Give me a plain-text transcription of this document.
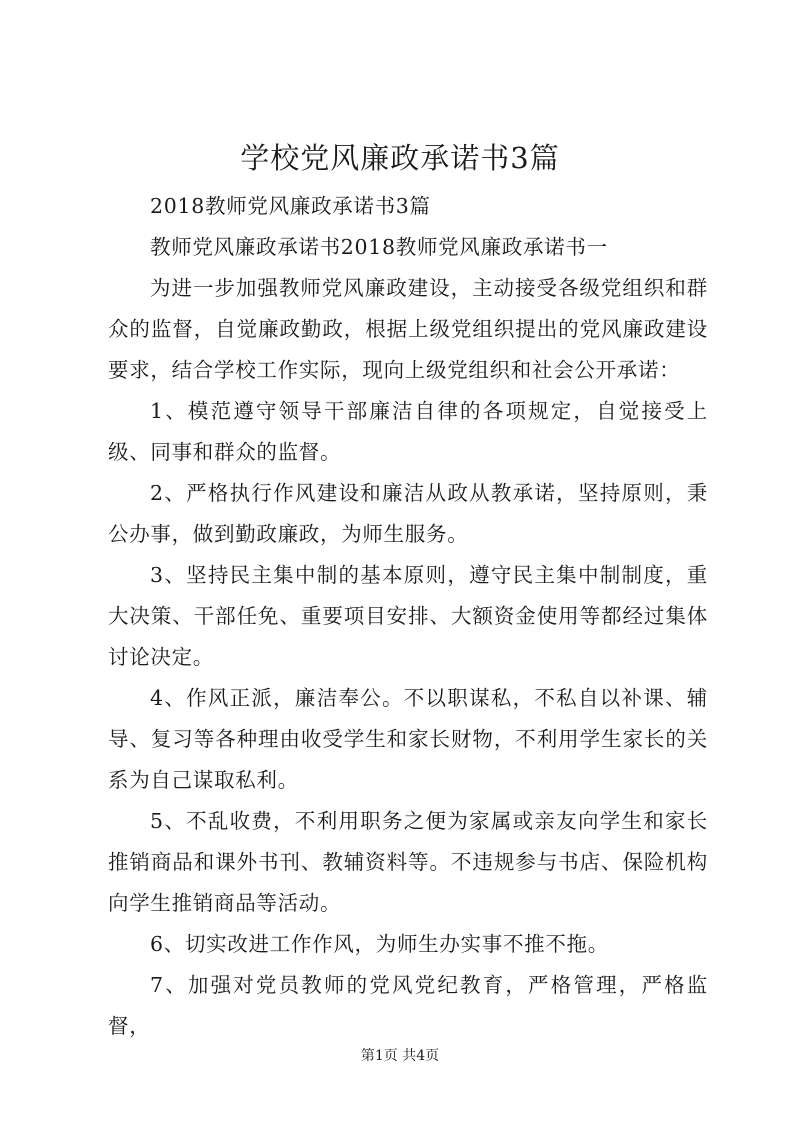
学校党风廉政承诺书3篇

2018教师党风廉政承诺书3篇

教师党风廉政承诺书2018教师党风廉政承诺书一

为进一步加强教师党风廉政建设，主动接受各级党组织和群众的监督，自觉廉政勤政，根据上级党组织提出的党风廉政建设要求，结合学校工作实际，现向上级党组织和社会公开承诺：

1、模范遵守领导干部廉洁自律的各项规定，自觉接受上级、同事和群众的监督。

2、严格执行作风建设和廉洁从政从教承诺，坚持原则，秉公办事，做到勤政廉政，为师生服务。

3、坚持民主集中制的基本原则，遵守民主集中制制度，重大决策、干部任免、重要项目安排、大额资金使用等都经过集体讨论决定。

4、作风正派，廉洁奉公。不以职谋私，不私自以补课、辅导、复习等各种理由收受学生和家长财物，不利用学生家长的关系为自己谋取私利。

5、不乱收费，不利用职务之便为家属或亲友向学生和家长推销商品和课外书刊、教辅资料等。不违规参与书店、保险机构向学生推销商品等活动。

6、切实改进工作作风，为师生办实事不推不拖。

7、加强对党员教师的党风党纪教育，严格管理，严格监督，

第1页 共4页
